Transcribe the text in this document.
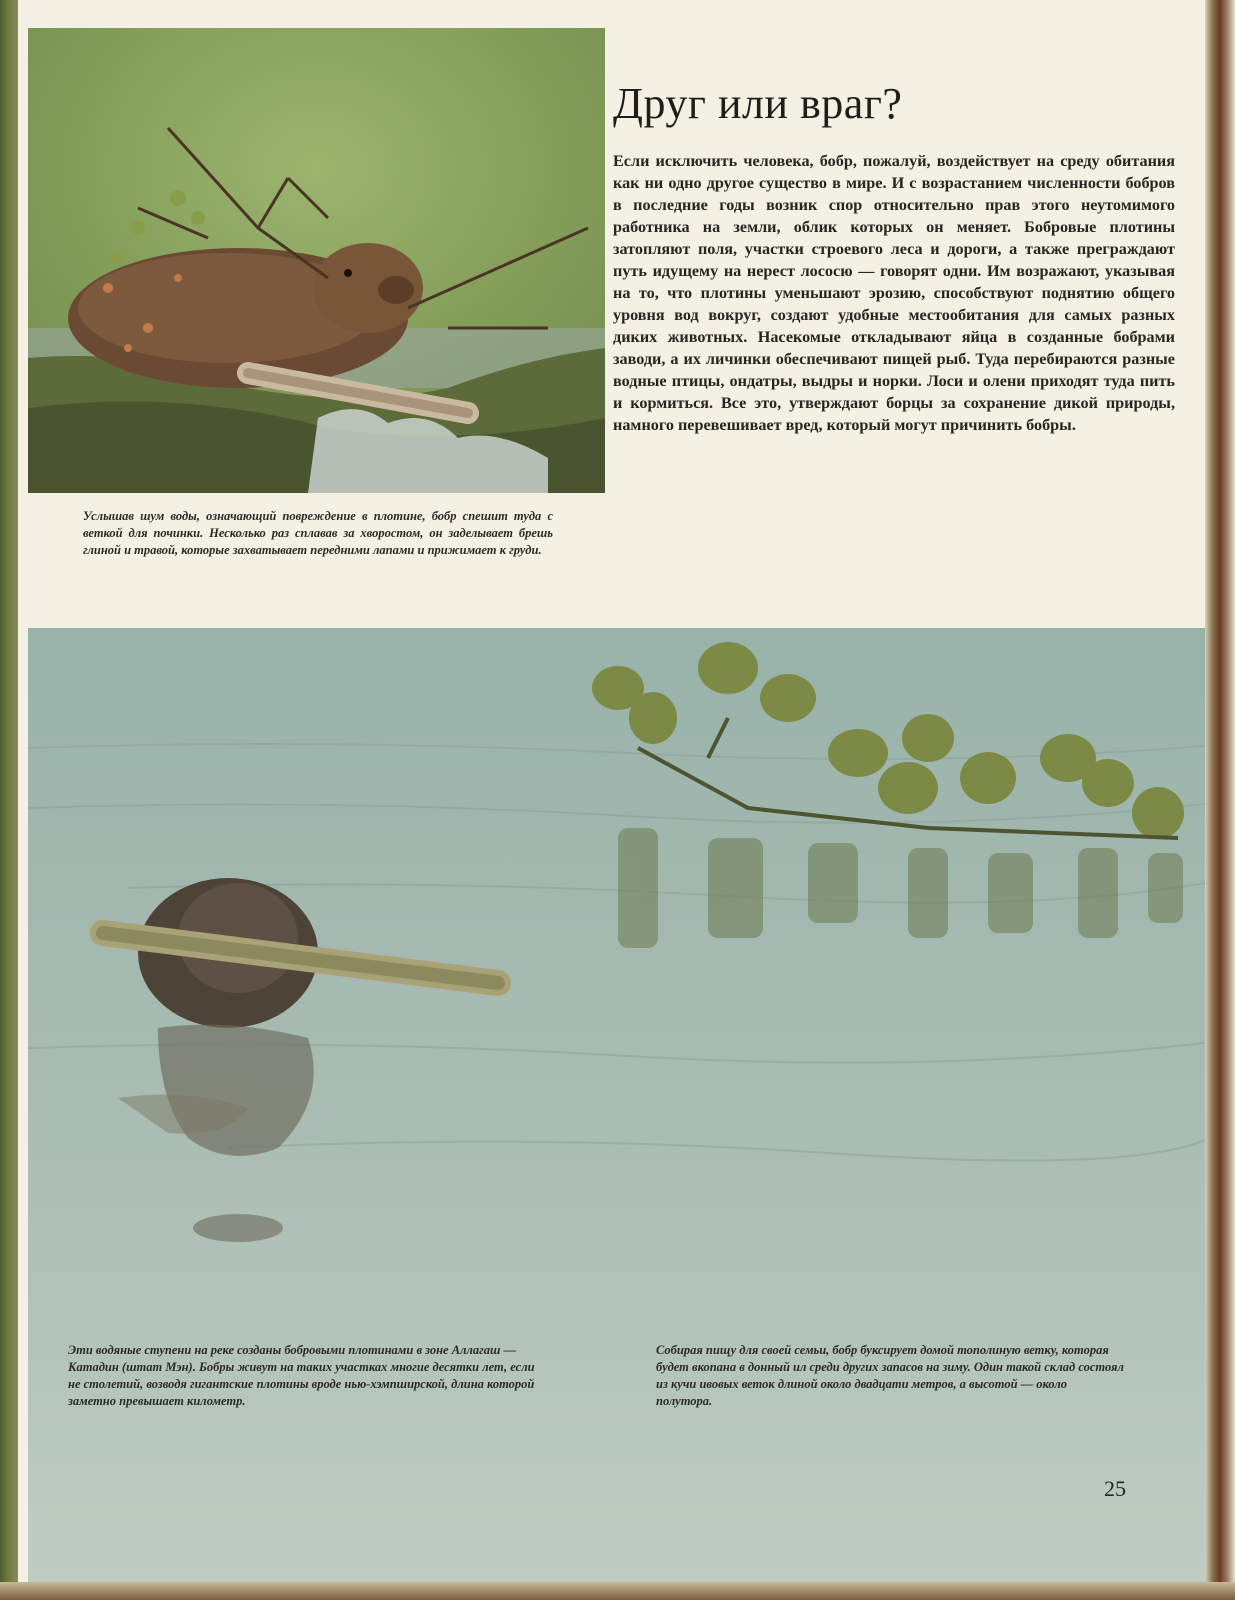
Услышав шум воды, означающий повреждение в плотине, бобр спешит туда с веткой для починки. Несколько раз сплавав за хворостом, он заделывает брешь глиной и травой, которые захватывает передними лапами и прижимает к груди.

Друг или враг?

Если исключить человека, бобр, пожалуй, воздействует на среду обитания как ни одно другое существо в мире. И с возрастанием численности бобров в последние годы возник спор относительно прав этого неутомимого работника на земли, облик которых он меняет. Бобровые плотины затопляют поля, участки строевого леса и дороги, а также преграждают путь идущему на нерест лососю — говорят одни. Им возражают, указывая на то, что плотины уменьшают эрозию, способствуют поднятию общего уровня вод вокруг, создают удобные местообитания для самых разных диких животных. Насекомые откладывают яйца в созданные бобрами заводи, а их личинки обеспечивают пищей рыб. Туда перебираются разные водные птицы, ондатры, выдры и норки. Лоси и олени приходят туда пить и кормиться. Все это, утверждают борцы за сохранение дикой природы, намного перевешивает вред, который могут причинить бобры.

Эти водяные ступени на реке созданы бобровыми плотинами в зоне Аллагаш — Катадин (штат Мэн). Бобры живут на таких участках многие десятки лет, если не столетий, возводя гигантские плотины вроде нью-хэмпширской, длина которой заметно превышает километр.

Собирая пищу для своей семьи, бобр буксирует домой тополиную ветку, которая будет вкопана в донный ил среди других запасов на зиму. Один такой склад состоял из кучи ивовых веток длиной около двадцати метров, а высотой — около полутора.

25
